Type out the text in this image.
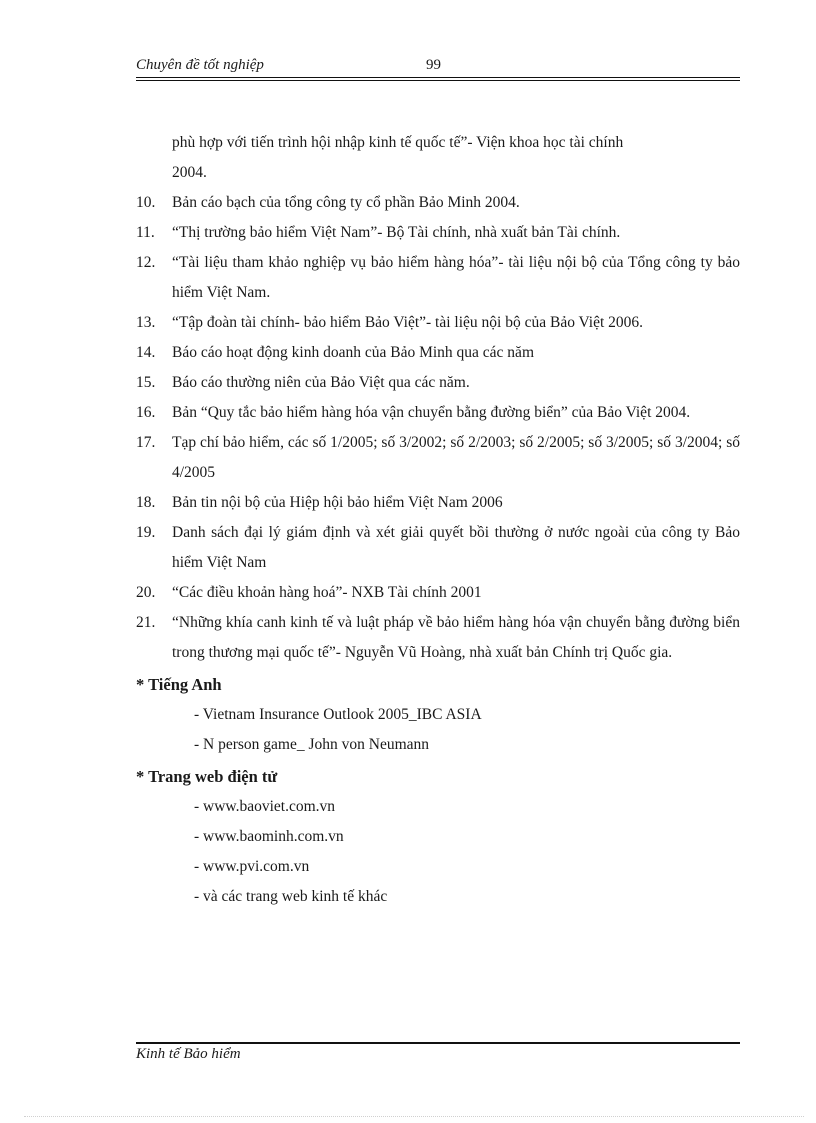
Chuyên đề tốt nghiệp	99
phù hợp với tiến trình hội nhập kinh tế quốc tế”- Viện khoa học tài chính
2004.
10.	Bản cáo bạch của tổng công ty cổ phần Bảo Minh 2004.
11.	“Thị trường bảo hiểm Việt Nam”- Bộ Tài chính, nhà xuất bản Tài chính.
12.	“Tài liệu tham khảo nghiệp vụ bảo hiểm hàng hóa”- tài liệu nội bộ của Tổng công ty bảo hiểm Việt Nam.
13.	“Tập đoàn tài chính- bảo hiểm Bảo Việt”- tài liệu nội bộ của Bảo Việt 2006.
14.	Báo cáo hoạt động kinh doanh của Bảo Minh qua các năm
15.	Báo cáo thường niên của Bảo Việt qua các năm.
16.	Bản “Quy tắc bảo hiểm hàng hóa vận chuyển bằng đường biển” của Bảo Việt 2004.
17.	Tạp chí bảo hiểm, các số 1/2005; số 3/2002; số 2/2003; số 2/2005; số 3/2005; số 3/2004; số 4/2005
18.	Bản tin nội bộ của Hiệp hội bảo hiểm Việt Nam 2006
19.	Danh sách đại lý giám định và xét giải quyết bồi thường ở nước ngoài của công ty Bảo hiểm Việt Nam
20.	“Các điều khoản hàng hoá”- NXB Tài chính 2001
21.	“Những khía canh kinh tế và luật pháp về bảo hiểm hàng hóa vận chuyển bằng đường biển trong thương mại quốc tế”- Nguyễn Vũ Hoàng, nhà xuất bản Chính trị Quốc gia.
* Tiếng Anh
- Vietnam Insurance Outlook 2005_IBC ASIA
- N person game_ John von Neumann
* Trang web điện tử
- www.baoviet.com.vn
- www.baominh.com.vn
- www.pvi.com.vn
- và các trang web kinh tế khác
Kinh tế Bảo hiểm
